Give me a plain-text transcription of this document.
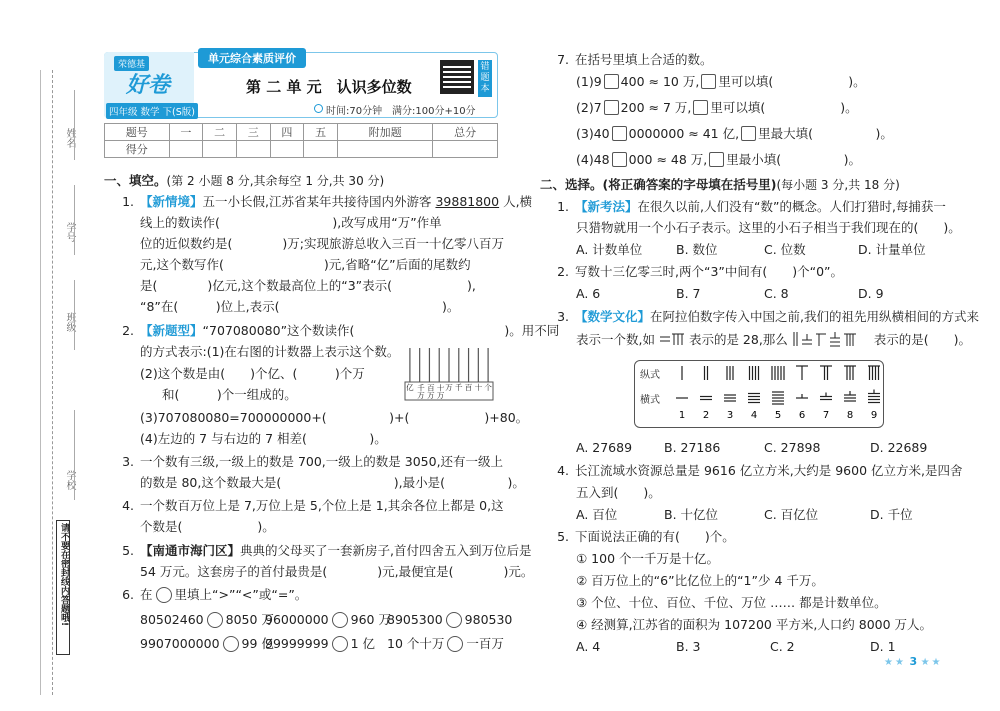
姓名
学号
班级
学校
请不要在密封线内答题哦!
荣德基
好卷
四年级 数学 下(S版)
单元综合素质评价
第 二 单 元　认识多位数
时间:70分钟 满分:100分+10分
错题本
题号	一	二	三	四	五	附加题	总分
得分							
一、填空。(第 2 小题 8 分,其余每空 1 分,共 30 分)
1. 【新情境】五一小长假,江苏省某年共接待国内外游客 39881800 人,横
线上的数读作(　　　　　　　　　),改写成用“万”作单
位的近似数约是(　　　　)万;实现旅游总收入三百一十亿零八百万
元,这个数写作(　　　　　　　　)元,省略“亿”后面的尾数约
是(　　　　)亿元,这个数最高位上的“3”表示(　　　　　　),
“8”在(　　　)位上,表示(　　　　　　　　　　　　　)。
2. 【新题型】“707080080”这个数读作(　　　　　　　　　　　　)。用不同
的方式表示:(1)在右图的计数器上表示这个数。
(2)这个数是由(　　)个亿、(　　　)个万
和(　　　)个一组成的。
(3)707080080=700000000+(　　　　　)+(　　　　　　)+80。
(4)左边的 7 与右边的 7 相差(　　　　　)。
亿 千万 百万 十万 万 千 百 十 个
3. 一个数有三级,一级上的数是 700,一级上的数是 3050,还有一级上
的数是 80,这个数最大是(　　　　　　　　　),最小是(　　　　　)。
4. 一个数百万位上是 7,万位上是 5,个位上是 1,其余各位上都是 0,这
个数是(　　　　　　)。
5. 【南通市海门区】典典的父母买了一套新房子,首付四舍五入到万位后是
54 万元。这套房子的首付最贵是(　　　　)元,最便宜是(　　　　)元。
6. 在 里填上“>”“<”或“=”。
80502460 8050 万
96000000 960 万
8905300 980530
9907000000 99 亿
99999999 1 亿 10 个十万 一百万
7. 在括号里填上合适的数。
(1)9 400 ≈ 10 万, 里可以填(　　　　　　)。
(2)7 200 ≈ 7 万, 里可以填(　　　　　　)。
(3)40 0000000 ≈ 41 亿, 里最大填(　　　　　)。
(4)48 000 ≈ 48 万, 里最小填(　　　　　)。
二、选择。(将正确答案的字母填在括号里)(每小题 3 分,共 18 分)
1. 【新考法】在很久以前,人们没有“数”的概念。人们打猎时,每捕获一
只猎物就用一个小石子表示。这里的小石子相当于我们现在的(　　)。
A. 计数单位	B. 数位	C. 位数	D. 计量单位
2. 写数十三亿零三时,两个“3”中间有(　　)个“0”。
A. 6	B. 7	C. 8	D. 9
3. 【数学文化】在阿拉伯数字传入中国之前,我们的祖先用纵横相间的方式来
表示一个数,如	表示的是 28,那么	表示的是(　　)。
纵式
横式
1 2 3 4 5 6 7 8 9
A. 27689	B. 27186	C. 27898	D. 22689
4. 长江流域水资源总量是 9616 亿立方米,大约是 9600 亿立方米,是四舍
五入到(　　)。
A. 百位	B. 十亿位	C. 百亿位	D. 千位
5. 下面说法正确的有(　　)个。
① 100 个一千万是十亿。
② 百万位上的“6”比亿位上的“1”少 4 千万。
③ 个位、十位、百位、千位、万位 …… 都是计数单位。
④ 经测算,江苏省的面积为 107200 平方米,人口约 8000 万人。
A. 4	B. 3	C. 2	D. 1
★★ 3 ★★
